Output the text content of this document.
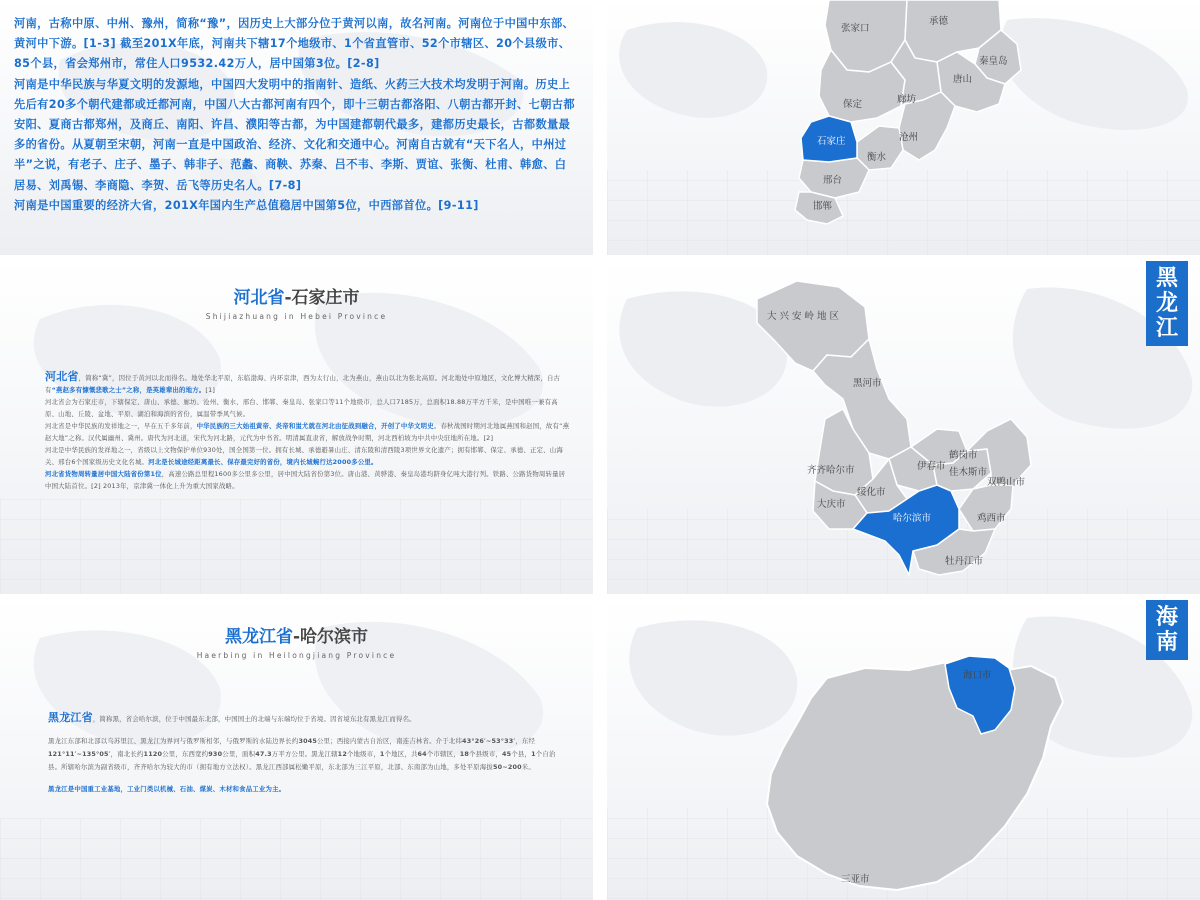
河南，古称中原、中州、豫州，简称“豫”，因历史上大部分位于黄河以南，故名河南。河南位于中国中东部、黄河中下游。[1-3] 截至201X年底，河南共下辖17个地级市、1个省直管市、52个市辖区、20个县级市、85个县，省会郑州市，常住人口9532.42万人，居中国第3位。[2-8]

河南是中华民族与华夏文明的发源地，中国四大发明中的指南针、造纸、火药三大技术均发明于河南。历史上先后有20多个朝代建都或迁都河南，中国八大古都河南有四个，即十三朝古都洛阳、八朝古都开封、七朝古都安阳、夏商古都郑州，及商丘、南阳、许昌、濮阳等古都，为中国建都朝代最多，建都历史最长，古都数量最多的省份。从夏朝至宋朝，河南一直是中国政治、经济、文化和交通中心。河南自古就有“天下名人，中州过半”之说，有老子、庄子、墨子、韩非子、范蠡、商鞅、苏秦、吕不韦、李斯、贾谊、张衡、杜甫、韩愈、白居易、刘禹锡、李商隐、李贺、岳飞等历史名人。[7-8]

河南是中国重要的经济大省，201X年国内生产总值稳居中国第5位，中西部首位。[9-11]

张家口
承德
秦皇岛
唐山
保定	廊坊
石家庄
衡水
沧州
邢台
邯郸
河北省-石家庄市
Shijiazhuang in Hebei Province

河北省，简称“冀”，因位于黄河以北而得名。地处华北平原，东临渤海、内环京津，西为太行山，北为燕山，燕山以北为张北高原。河北地处中原地区，文化博大精深，自古有“燕赵多有慷慨悲歌之士”之称，是英雄辈出的地方。[1]

河北省会为石家庄市，下辖保定、唐山、承德、廊坊、沧州、衡水、邢台、邯郸、秦皇岛、张家口等11个地级市，总人口7185万，总面积18.88万平方千米，是中国唯一兼有高原、山地、丘陵、盆地、平原、湖泊和海滨的省份，属温带季风气候。

河北省是中华民族的发祥地之一，早在五千多年前，中华民族的三大始祖黄帝、炎帝和蚩尤就在河北由征战到融合，开创了中华文明史。春秋战国时期河北地属燕国和赵国，故有“燕赵大地”之称。汉代属幽州、冀州。唐代为河北道，宋代为河北路，元代为中书省。明清属直隶省，解放战争时期，河北西柏坡为中共中央驻地所在地。[2]

河北是中华民族的发祥地之一，省级以上文物保护单位930处，国全国第一位。拥有长城、承德避暑山庄、清东陵和清西陵3项世界文化遗产；拥有邯郸、保定、承德、正定、山海关、邢台6个国家级历史文化名城。河北是长城途经距离最长、保存最完好的省份，境内长城蜿行达2000多公里。

河北省货物周转量居中国大陆省份第1位，高速公路总里程1600多公里多公里，居中国大陆省份第3位。唐山港、黄骅港、秦皇岛港均跻身亿吨大港行列。铁路、公路货物周转量居中国大陆首位。[2] 2013年，京津冀一体化上升为重大国家战略。

黑龙江
大兴安岭地区
黑河市
鹤岗市
伊春市
佳木斯市
齐齐哈尔市
双鸭山市
绥化市
大庆市
哈尔滨市	鸡西市
牡丹江市
黑龙江省-哈尔滨市
Haerbing in Heilongjiang Province

黑龙江省，简称黑，省会哈尔滨，位于中国最东北部，中国国土的北端与东端均位于省境。因省境东北有黑龙江而得名。

黑龙江东部和北部以乌苏里江、黑龙江为界河与俄罗斯相邻，与俄罗斯的水陆边界长约3045公里；西接内蒙古自治区，南连吉林省。介于北纬43°26′~53°33′，东经121°11′~135°05′，南北长约1120公里，东西宽约930公里，面积47.3万平方公里。黑龙江辖12个地级市，1个地区，共64个市辖区，18个县级市，45个县，1个自治县。所辖哈尔滨为副省级市，齐齐哈尔为较大的市（拥有地方立法权）。黑龙江西部属松嫩平原，东北部为三江平原，北部、东南部为山地，多处平原海拔50~200米。

黑龙江是中国重工业基地，工业门类以机械、石油、煤炭、木材和食品工业为主。

海南
海口市
三亚市
